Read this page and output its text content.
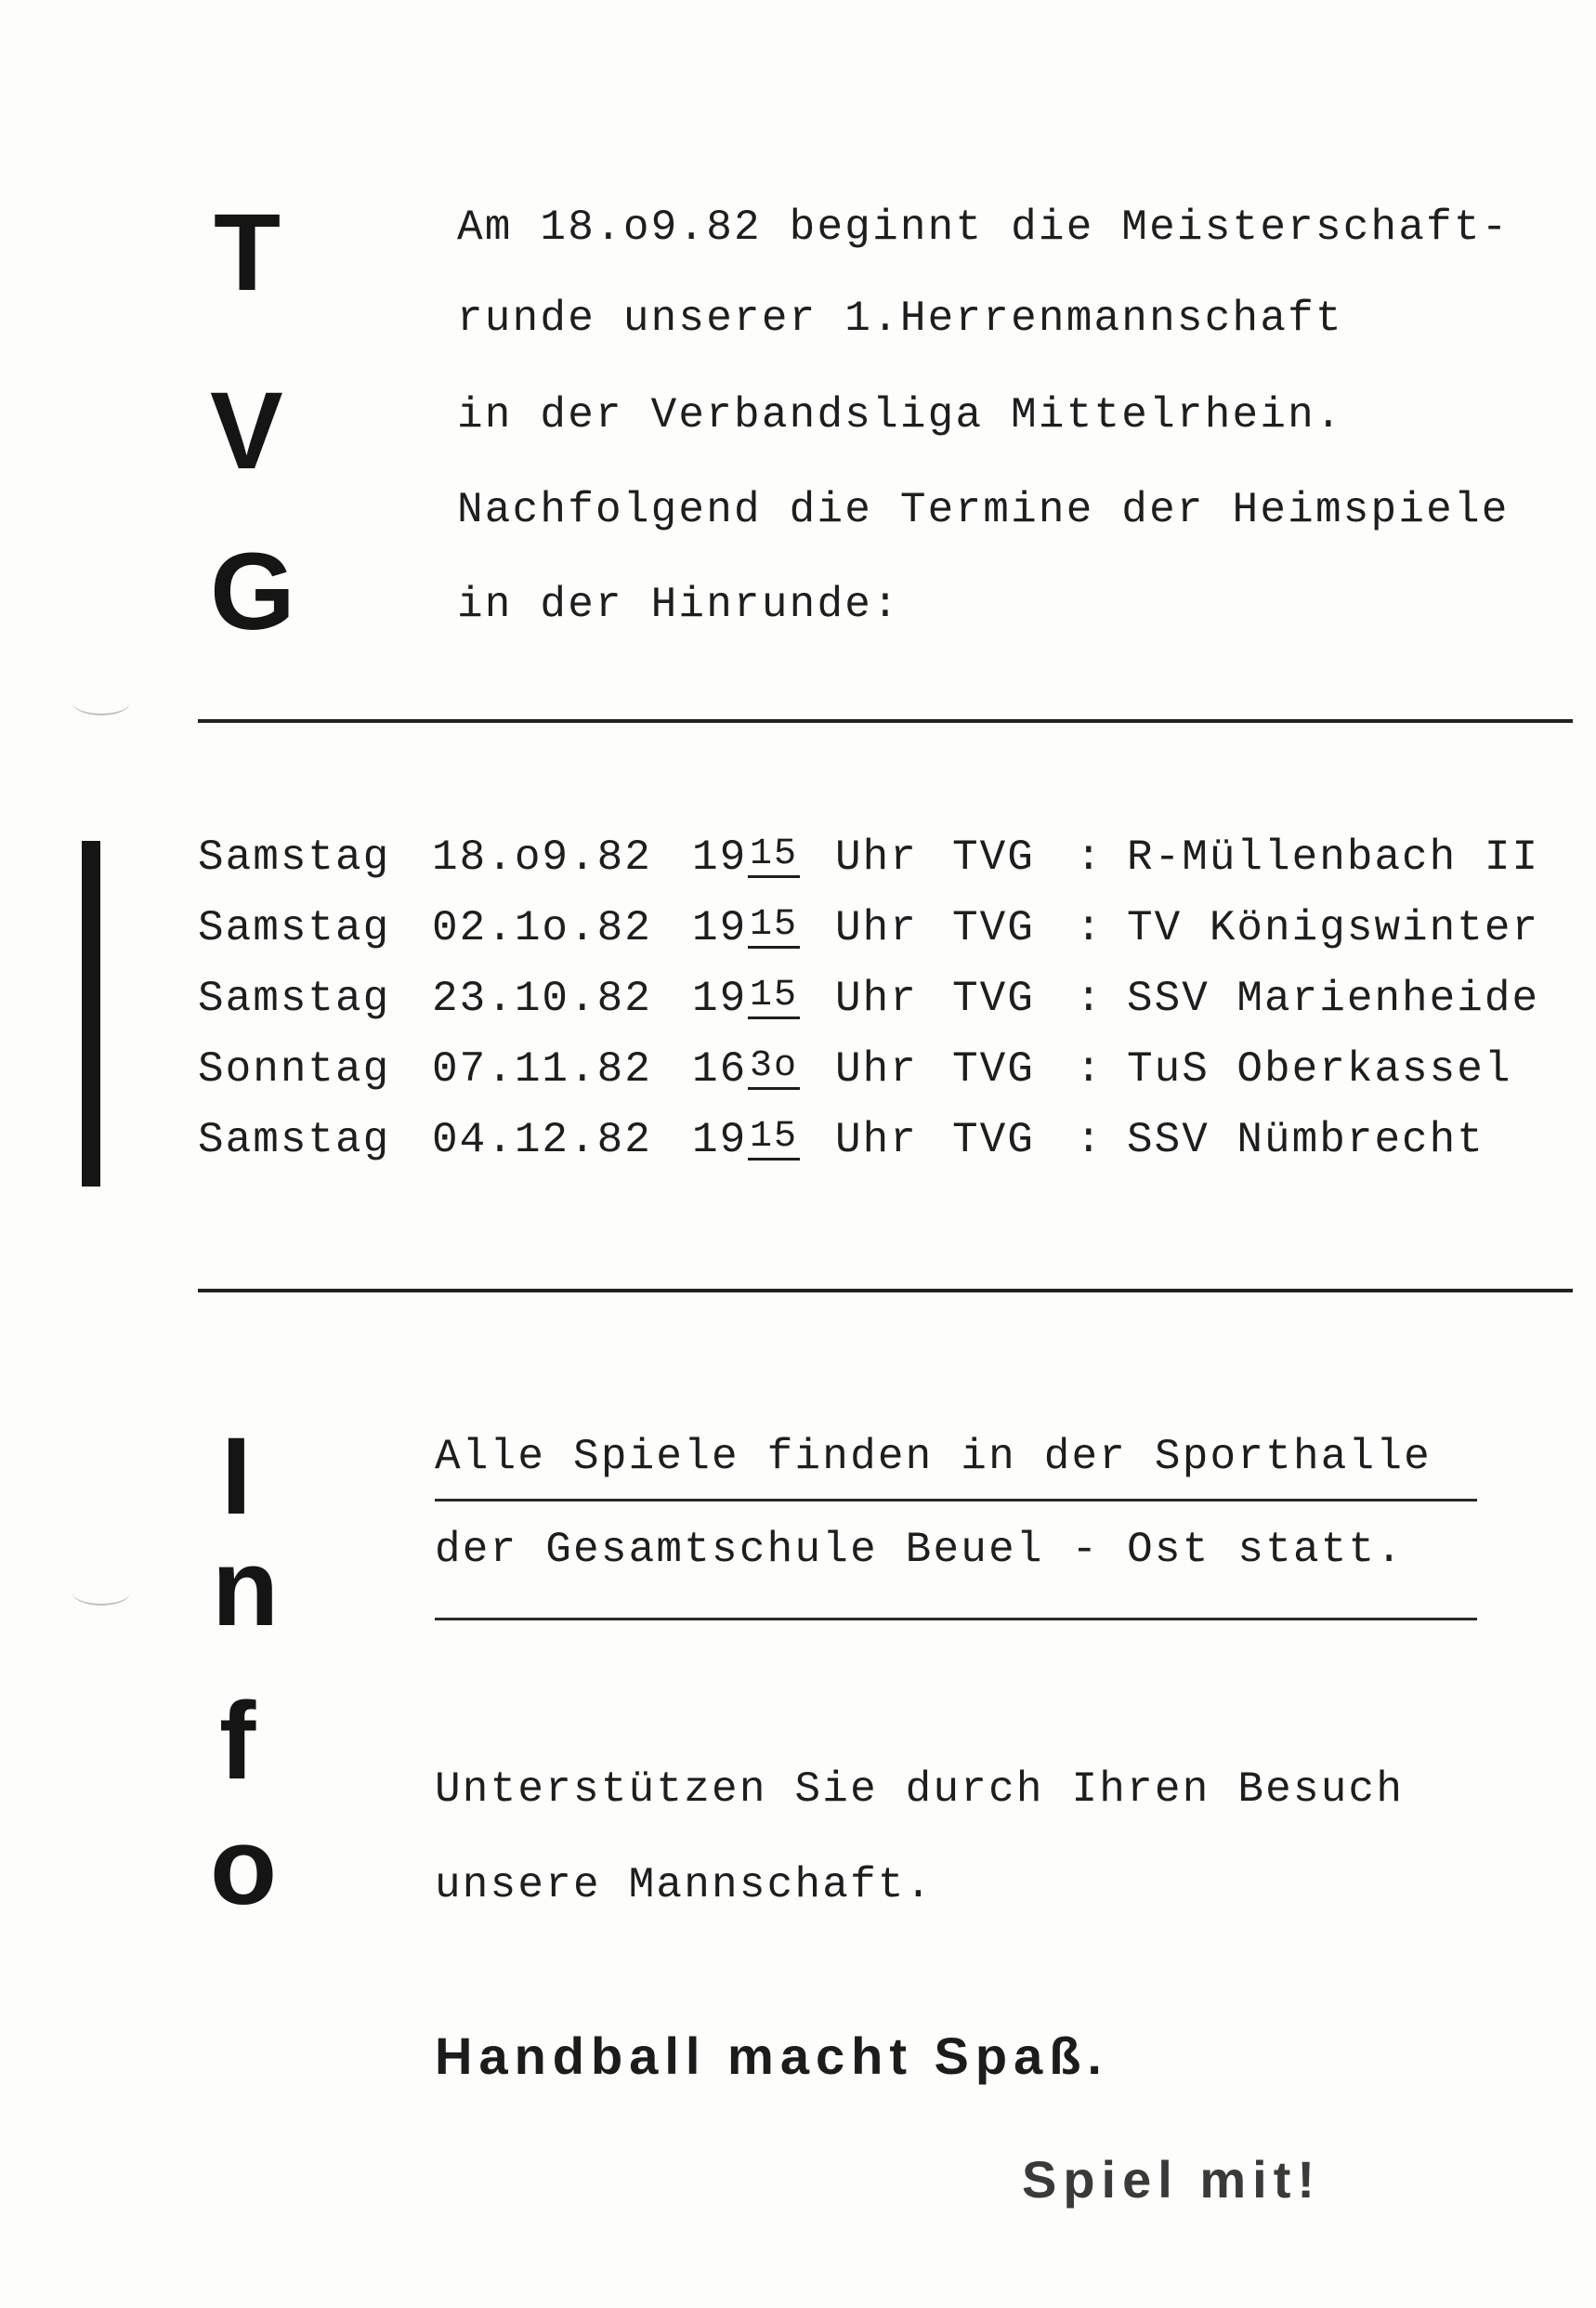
T
V
G
Am 18.o9.82 beginnt die Meisterschaft-
runde unserer 1.Herrenmannschaft
in der Verbandsliga Mittelrhein.
Nachfolgend die Termine der Heimspiele
in der Hinrunde:
Samstag 18.o9.82 19 15 Uhr TVG : R-Müllenbach II
Samstag 02.1o.82 19 15 Uhr TVG : TV Königswinter
Samstag 23.10.82 19 15 Uhr TVG : SSV Marienheide
Sonntag 07.11.82 16 3o Uhr TVG : TuS Oberkassel
Samstag 04.12.82 19 15 Uhr TVG : SSV Nümbrecht
I
n
f
o
Alle Spiele finden in der Sporthalle
der Gesamtschule Beuel - Ost statt.
Unterstützen Sie durch Ihren Besuch
unsere Mannschaft.
Handball macht Spaß.
Spiel mit!
